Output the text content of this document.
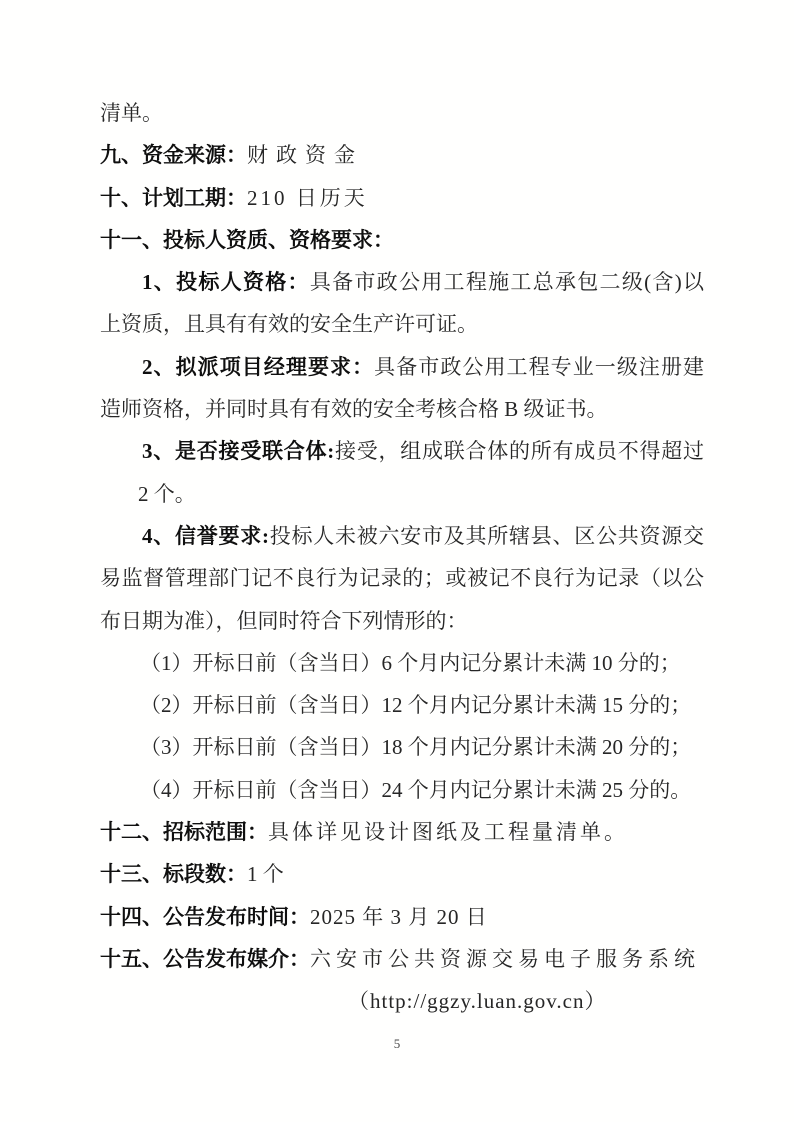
清单。
九、资金来源：财政资金
十、计划工期：210 日历天
十一、投标人资质、资格要求：
1、投标人资格：具备市政公用工程施工总承包二级(含)以
上资质，且具有有效的安全生产许可证。
2、拟派项目经理要求：具备市政公用工程专业一级注册建
造师资格，并同时具有有效的安全考核合格 B 级证书。
3、是否接受联合体:接受，组成联合体的所有成员不得超过
2 个。
4、信誉要求:投标人未被六安市及其所辖县、区公共资源交
易监督管理部门记不良行为记录的；或被记不良行为记录（以公
布日期为准），但同时符合下列情形的：
（1）开标日前（含当日）6 个月内记分累计未满 10 分的；
（2）开标日前（含当日）12 个月内记分累计未满 15 分的；
（3）开标日前（含当日）18 个月内记分累计未满 20 分的；
（4）开标日前（含当日）24 个月内记分累计未满 25 分的。
十二、招标范围：具体详见设计图纸及工程量清单。
十三、标段数：1 个
十四、公告发布时间：2025 年 3 月 20 日
十五、公告发布媒介：六安市公共资源交易电子服务系统
（http://ggzy.luan.gov.cn）
5
